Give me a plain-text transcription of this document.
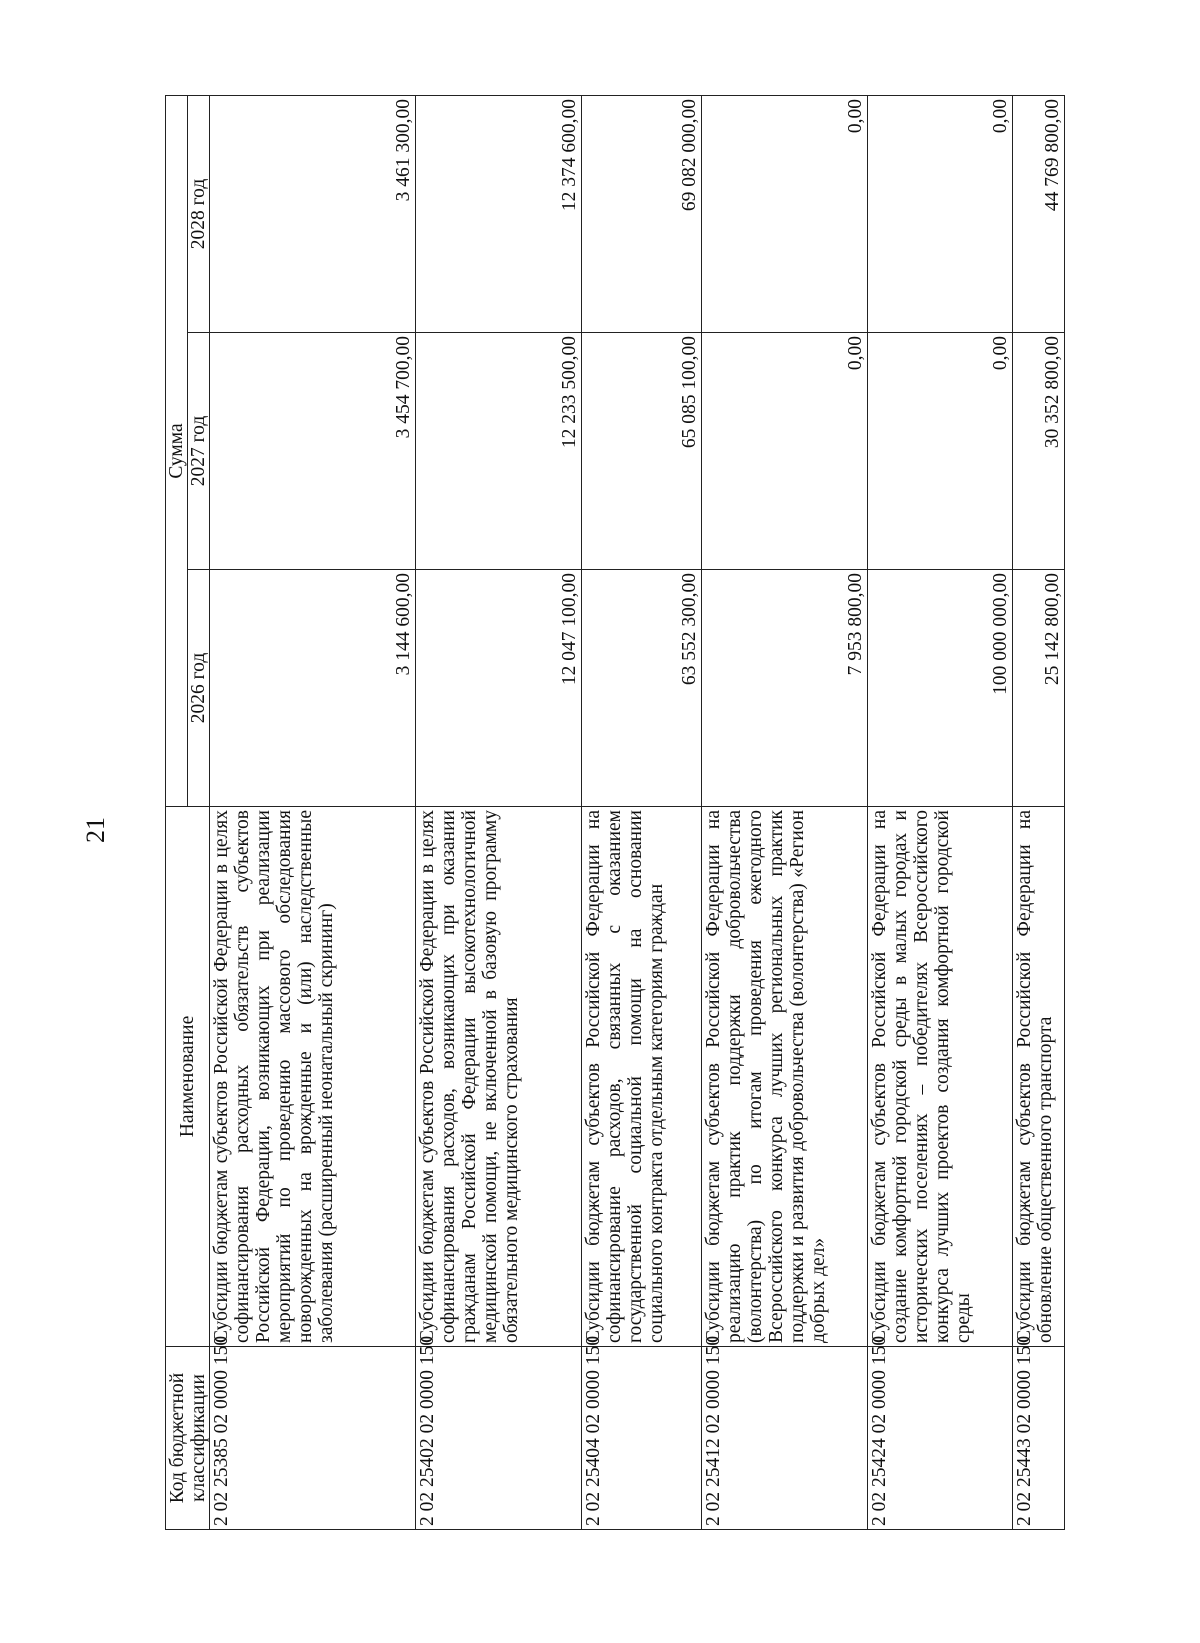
21
Код бюджетной классификации	Наименование	Сумма		
		2026 год	2027 год	2028 год
2 02 25385 02 0000 150	Субсидии бюджетам субъектов Российской Федерации в целях софинансирования расходных обязательств субъектов Российской Федерации, возникающих при реализации мероприятий по проведению массового обследования новорожденных на врожденные и (или) наследственные заболевания (расширенный неонатальный скрининг)	3 144 600,00	3 454 700,00	3 461 300,00
2 02 25402 02 0000 150	Субсидии бюджетам субъектов Российской Федерации в целях софинансирования расходов, возникающих при оказании гражданам Российской Федерации высокотехнологичной медицинской помощи, не включенной в базовую программу обязательного медицинского страхования	12 047 100,00	12 233 500,00	12 374 600,00
2 02 25404 02 0000 150	Субсидии бюджетам субъектов Российской Федерации на софинансирование расходов, связанных с оказанием государственной социальной помощи на основании социального контракта отдельным категориям граждан	63 552 300,00	65 085 100,00	69 082 000,00
2 02 25412 02 0000 150	Субсидии бюджетам субъектов Российской Федерации на реализацию практик поддержки добровольчества (волонтерства) по итогам проведения ежегодного Всероссийского конкурса лучших региональных практик поддержки и развития добровольчества (волонтерства) «Регион добрых дел»	7 953 800,00	0,00	0,00
2 02 25424 02 0000 150	Субсидии бюджетам субъектов Российской Федерации на создание комфортной городской среды в малых городах и исторических поселениях – победителях Всероссийского конкурса лучших проектов создания комфортной городской среды	100 000 000,00	0,00	0,00
2 02 25443 02 0000 150	Субсидии бюджетам субъектов Российской Федерации на обновление общественного транспорта	25 142 800,00	30 352 800,00	44 769 800,00
